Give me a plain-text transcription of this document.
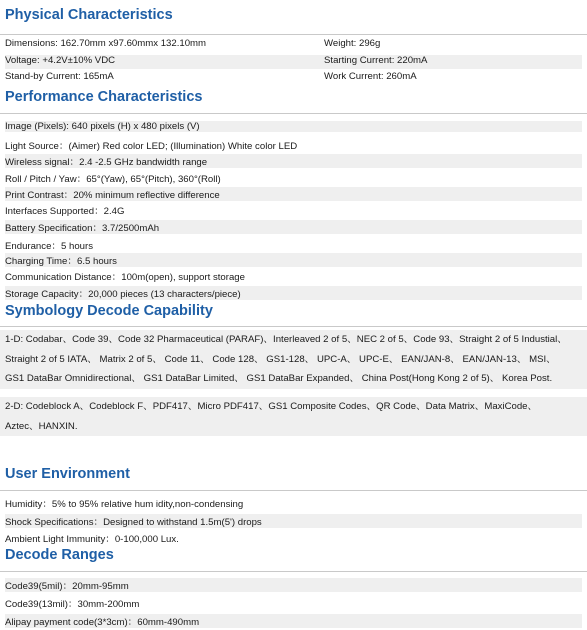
Physical Characteristics
Dimensions: 162.70mm x97.60mmx 132.10mm	Weight: 296g
Voltage: +4.2V±10% VDC	Starting Current: 220mA
Stand-by Current: 165mA	Work Current: 260mA
Performance Characteristics
Image (Pixels): 640 pixels (H) x 480 pixels (V)
Light Source：(Aimer) Red color LED; (Illumination) White color LED
Wireless signal：2.4 -2.5 GHz bandwidth range
Roll / Pitch / Yaw：65°(Yaw), 65°(Pitch), 360°(Roll)
Print Contrast：20% minimum reflective difference
Interfaces Supported：2.4G
Battery Specification：3.7/2500mAh
Endurance：5 hours
Charging Time：6.5 hours
Communication Distance：100m(open), support storage
Storage Capacity：20,000 pieces (13 characters/piece)
Symbology Decode Capability
1-D: Codabar、Code 39、Code 32 Pharmaceutical (PARAF)、Interleaved 2 of 5、NEC 2 of 5、Code 93、Straight 2 of 5 Industial、
Straight 2 of 5 IATA、 Matrix 2 of 5、 Code 11、 Code 128、 GS1-128、 UPC-A、 UPC-E、 EAN/JAN-8、 EAN/JAN-13、 MSI、
GS1 DataBar Omnidirectional、 GS1 DataBar Limited、 GS1 DataBar Expanded、 China Post(Hong Kong 2 of 5)、 Korea Post.
2-D: Codeblock A、Codeblock F、PDF417、Micro PDF417、GS1 Composite Codes、QR Code、Data Matrix、MaxiCode、
Aztec、HANXIN.
User Environment
Humidity：5% to 95% relative hum idity,non-condensing
Shock Specifications：Designed to withstand 1.5m(5') drops
Ambient Light Immunity：0-100,000 Lux.
Decode Ranges
Code39(5mil)：20mm-95mm
Code39(13mil)：30mm-200mm
Alipay payment code(3*3cm)：60mm-490mm
